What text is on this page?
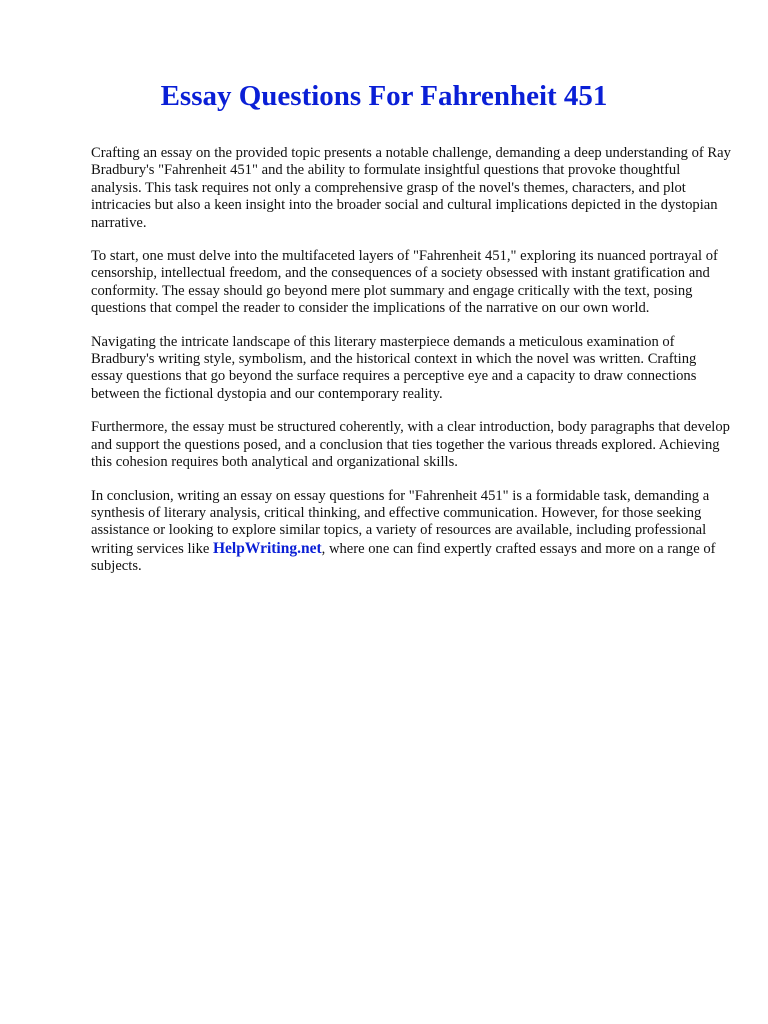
Essay Questions For Fahrenheit 451

Crafting an essay on the provided topic presents a notable challenge, demanding a deep understanding of Ray Bradbury's "Fahrenheit 451" and the ability to formulate insightful questions that provoke thoughtful analysis. This task requires not only a comprehensive grasp of the novel's themes, characters, and plot intricacies but also a keen insight into the broader social and cultural implications depicted in the dystopian narrative.

To start, one must delve into the multifaceted layers of "Fahrenheit 451," exploring its nuanced portrayal of censorship, intellectual freedom, and the consequences of a society obsessed with instant gratification and conformity. The essay should go beyond mere plot summary and engage critically with the text, posing questions that compel the reader to consider the implications of the narrative on our own world.

Navigating the intricate landscape of this literary masterpiece demands a meticulous examination of Bradbury's writing style, symbolism, and the historical context in which the novel was written. Crafting essay questions that go beyond the surface requires a perceptive eye and a capacity to draw connections between the fictional dystopia and our contemporary reality.

Furthermore, the essay must be structured coherently, with a clear introduction, body paragraphs that develop and support the questions posed, and a conclusion that ties together the various threads explored. Achieving this cohesion requires both analytical and organizational skills.

In conclusion, writing an essay on essay questions for "Fahrenheit 451" is a formidable task, demanding a synthesis of literary analysis, critical thinking, and effective communication. However, for those seeking assistance or looking to explore similar topics, a variety of resources are available, including professional writing services like HelpWriting.net, where one can find expertly crafted essays and more on a range of subjects.
